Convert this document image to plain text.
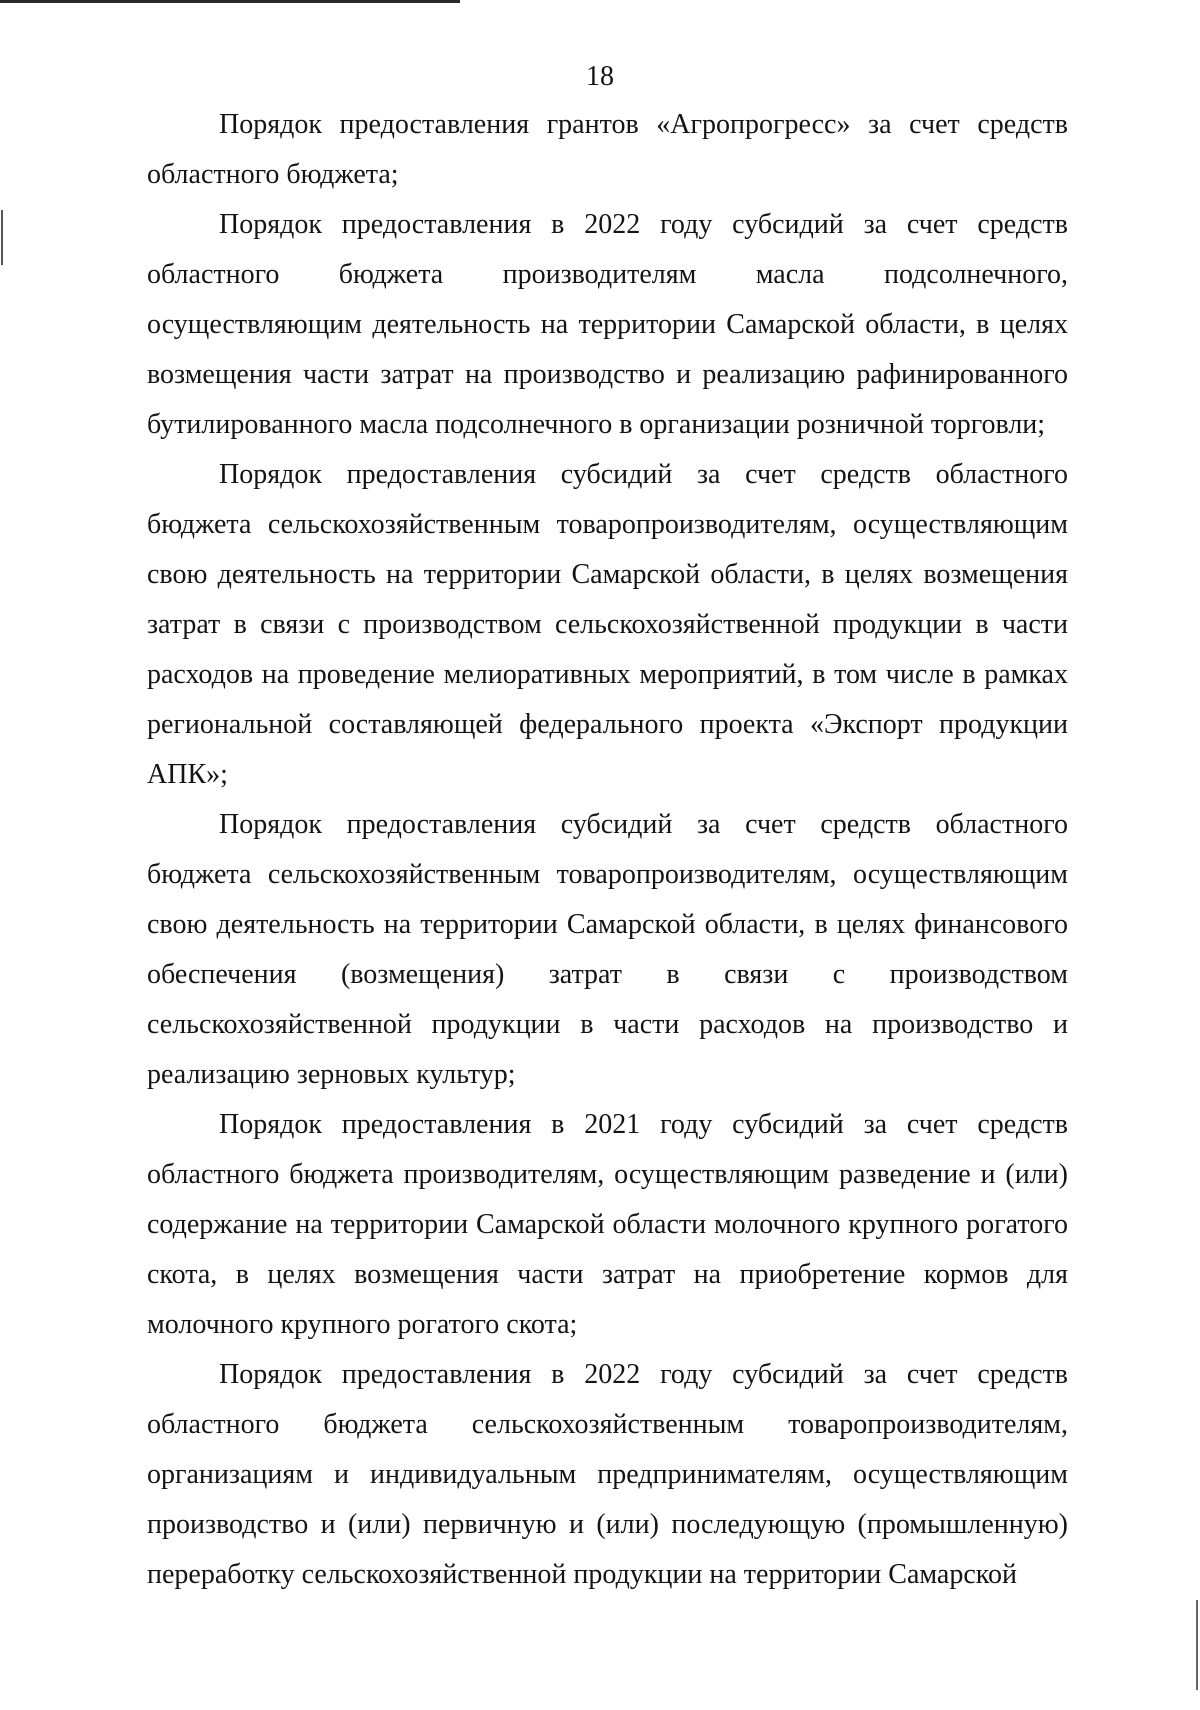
18

Порядок предоставления грантов «Агропрогресс» за счет средств областного бюджета;

Порядок предоставления в 2022 году субсидий за счет средств областного бюджета производителям масла подсолнечного, осуществляющим деятельность на территории Самарской области, в целях возмещения части затрат на производство и реализацию рафинированного бутилированного масла подсолнечного в организации розничной торговли;

Порядок предоставления субсидий за счет средств областного бюджета сельскохозяйственным товаропроизводителям, осуществляющим свою деятельность на территории Самарской области, в целях возмещения затрат в связи с производством сельскохозяйственной продукции в части расходов на проведение мелиоративных мероприятий, в том числе в рамках региональной составляющей федерального проекта «Экспорт продукции АПК»;

Порядок предоставления субсидий за счет средств областного бюджета сельскохозяйственным товаропроизводителям, осуществляющим свою деятельность на территории Самарской области, в целях финансового обеспечения (возмещения) затрат в связи с производством сельскохозяйственной продукции в части расходов на производство и реализацию зерновых культур;

Порядок предоставления в 2021 году субсидий за счет средств областного бюджета производителям, осуществляющим разведение и (или) содержание на территории Самарской области молочного крупного рогатого скота, в целях возмещения части затрат на приобретение кормов для молочного крупного рогатого скота;

Порядок предоставления в 2022 году субсидий за счет средств областного бюджета сельскохозяйственным товаропроизводителям, организациям и индивидуальным предпринимателям, осуществляющим производство и (или) первичную и (или) последующую (промышленную) переработку сельскохозяйственной продукции на территории Самарской
